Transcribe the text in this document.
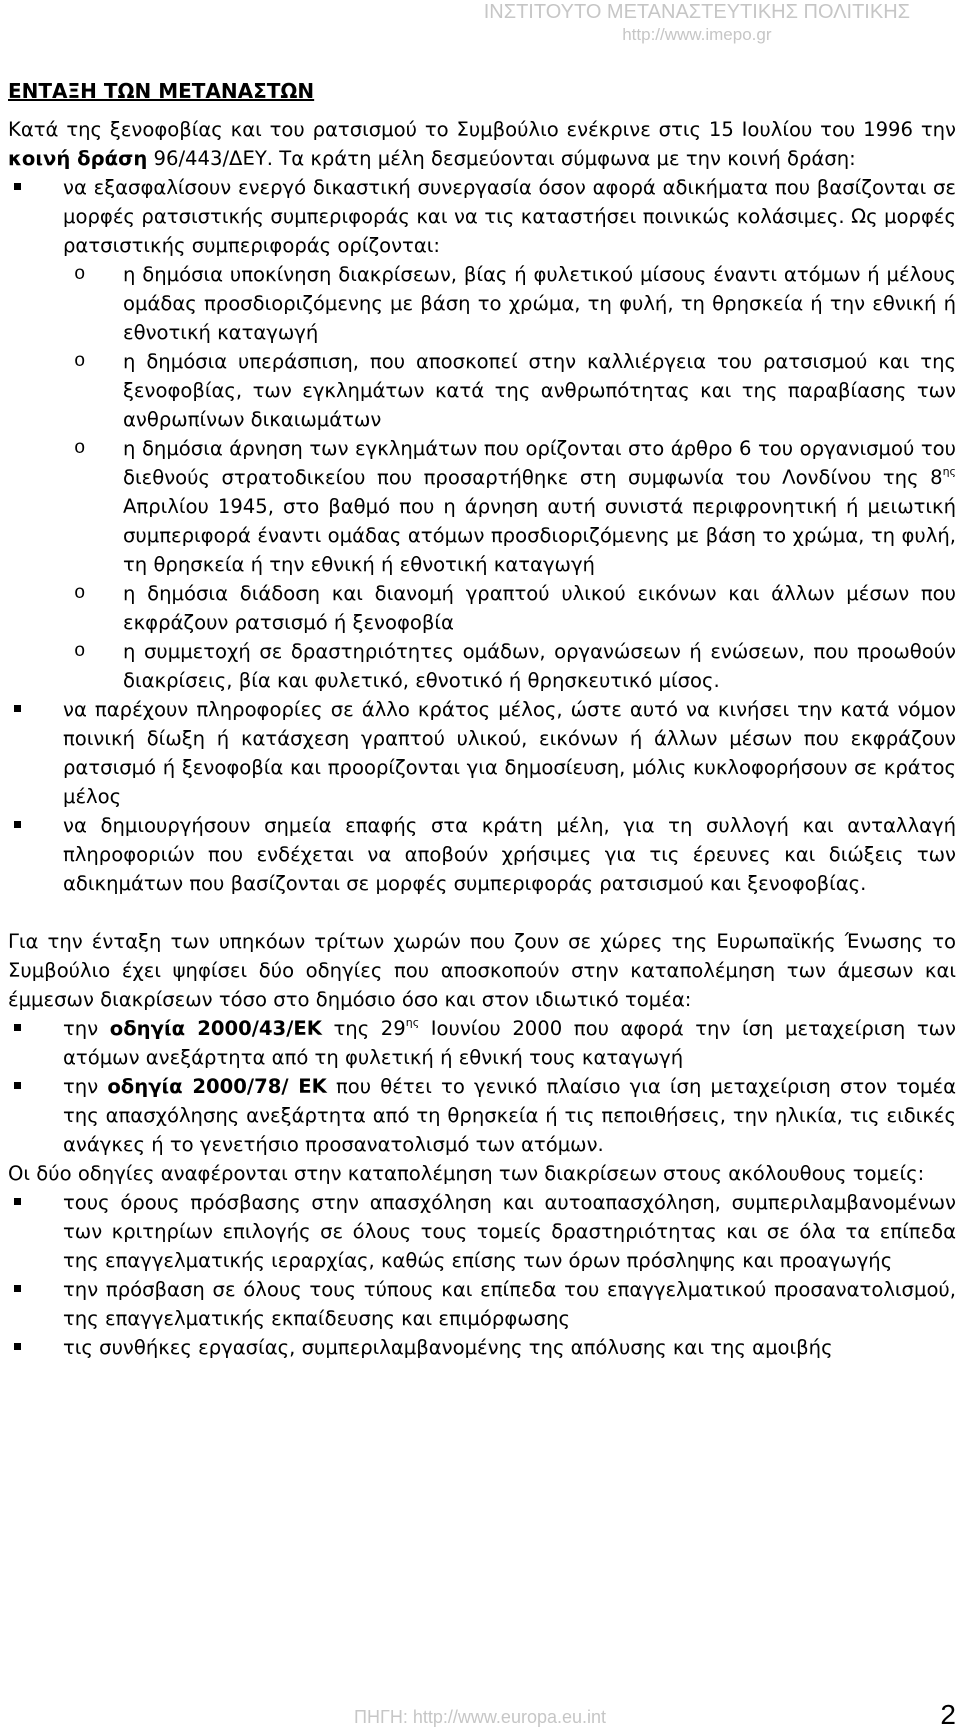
ΙΝΣΤΙΤΟΥΤΟ ΜΕΤΑΝΑΣΤΕΥΤΙΚΗΣ ΠΟΛΙΤΙΚΗΣ
http://www.imepo.gr
ΕΝΤΑΞΗ ΤΩΝ ΜΕΤΑΝΑΣΤΩΝ

Κατά της ξενοφοβίας και του ρατσισμού το Συμβούλιο ενέκρινε στις 15 Ιουλίου του 1996 την κοινή δράση 96/443/ΔΕΥ. Τα κράτη μέλη δεσμεύονται σύμφωνα με την κοινή δράση:

να εξασφαλίσουν ενεργό δικαστική συνεργασία όσον αφορά αδικήματα που βασίζονται σε μορφές ρατσιστικής συμπεριφοράς και να τις καταστήσει ποινικώς κολάσιμες. Ως μορφές ρατσιστικής συμπεριφοράς ορίζονται:
o η δημόσια υποκίνηση διακρίσεων, βίας ή φυλετικού μίσους έναντι ατόμων ή μέλους ομάδας προσδιοριζόμενης με βάση το χρώμα, τη φυλή, τη θρησκεία ή την εθνική ή εθνοτική καταγωγή
o η δημόσια υπεράσπιση, που αποσκοπεί στην καλλιέργεια του ρατσισμού και της ξενοφοβίας, των εγκλημάτων κατά της ανθρωπότητας και της παραβίασης των ανθρωπίνων δικαιωμάτων
o η δημόσια άρνηση των εγκλημάτων που ορίζονται στο άρθρο 6 του οργανισμού του διεθνούς στρατοδικείου που προσαρτήθηκε στη συμφωνία του Λονδίνου της $8^{\eta\varsigma}$ Απριλίου 1945, στο βαθμό που η άρνηση αυτή συνιστά περιφρονητική ή μειωτική συμπεριφορά έναντι ομάδας ατόμων προσδιοριζόμενης με βάση το χρώμα, τη φυλή, τη θρησκεία ή την εθνική ή εθνοτική καταγωγή
o η δημόσια διάδοση και διανομή γραπτού υλικού εικόνων και άλλων μέσων που εκφράζουν ρατσισμό ή ξενοφοβία
o η συμμετοχή σε δραστηριότητες ομάδων, οργανώσεων ή ενώσεων, που προωθούν διακρίσεις, βία και φυλετικό, εθνοτικό ή θρησκευτικό μίσος.
να παρέχουν πληροφορίες σε άλλο κράτος μέλος, ώστε αυτό να κινήσει την κατά νόμον ποινική δίωξη ή κατάσχεση γραπτού υλικού, εικόνων ή άλλων μέσων που εκφράζουν ρατσισμό ή ξενοφοβία και προορίζονται για δημοσίευση, μόλις κυκλοφορήσουν σε κράτος μέλος
να δημιουργήσουν σημεία επαφής στα κράτη μέλη, για τη συλλογή και ανταλλαγή πληροφοριών που ενδέχεται να αποβούν χρήσιμες για τις έρευνες και διώξεις των αδικημάτων που βασίζονται σε μορφές συμπεριφοράς ρατσισμού και ξενοφοβίας.

Για την ένταξη των υπηκόων τρίτων χωρών που ζουν σε χώρες της Ευρωπαϊκής Ένωσης το Συμβούλιο έχει ψηφίσει δύο οδηγίες που αποσκοπούν στην καταπολέμηση των άμεσων και έμμεσων διακρίσεων τόσο στο δημόσιο όσο και στον ιδιωτικό τομέα:

την οδηγία 2000/43/ΕΚ της $29^{\eta\varsigma}$ Ιουνίου 2000 που αφορά την ίση μεταχείριση των ατόμων ανεξάρτητα από τη φυλετική ή εθνική τους καταγωγή
την οδηγία 2000/78/ ΕΚ που θέτει το γενικό πλαίσιο για ίση μεταχείριση στον τομέα της απασχόλησης ανεξάρτητα από τη θρησκεία ή τις πεποιθήσεις, την ηλικία, τις ειδικές ανάγκες ή το γενετήσιο προσανατολισμό των ατόμων.

Οι δύο οδηγίες αναφέρονται στην καταπολέμηση των διακρίσεων στους ακόλουθους τομείς:

τους όρους πρόσβασης στην απασχόληση και αυτοαπασχόληση, συμπεριλαμβανομένων των κριτηρίων επιλογής σε όλους τους τομείς δραστηριότητας και σε όλα τα επίπεδα της επαγγελματικής ιεραρχίας, καθώς επίσης των όρων πρόσληψης και προαγωγής
την πρόσβαση σε όλους τους τύπους και επίπεδα του επαγγελματικού προσανατολισμού, της επαγγελματικής εκπαίδευσης και επιμόρφωσης
τις συνθήκες εργασίας, συμπεριλαμβανομένης της απόλυσης και της αμοιβής
ΠΗΓΗ: http://www.europa.eu.int	2
